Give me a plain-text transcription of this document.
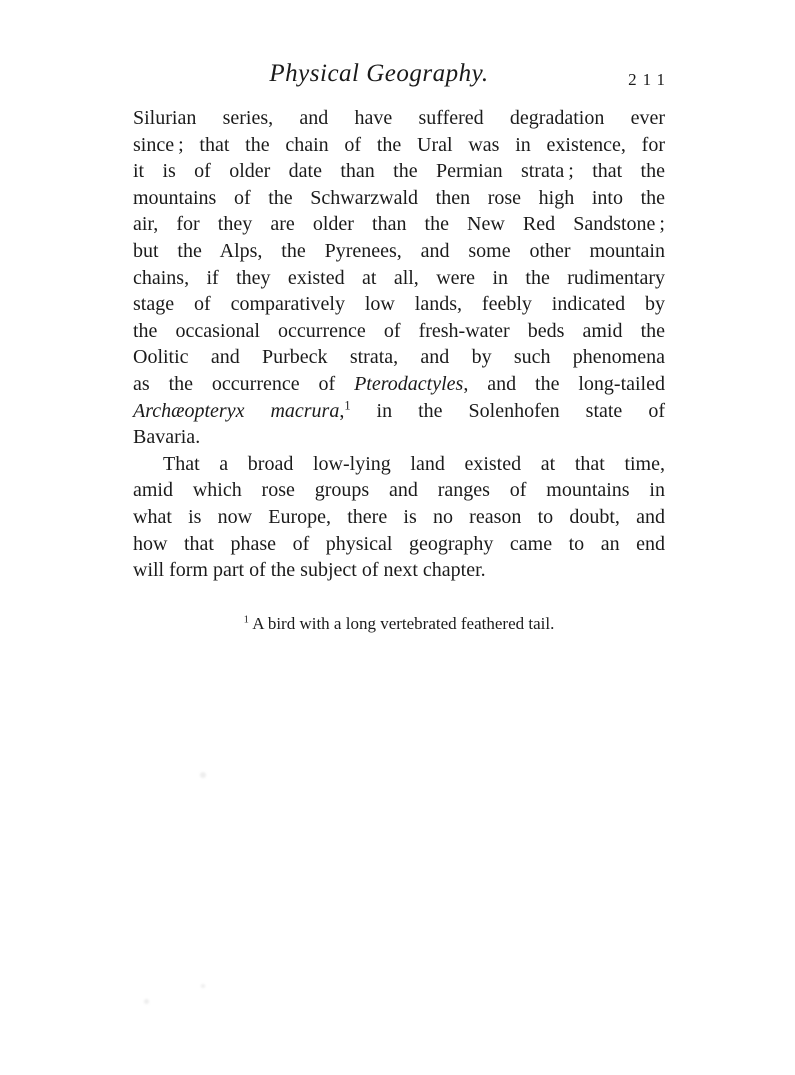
Physical Geography.	211
Silurian series, and have suffered degradation ever
since ; that the chain of the Ural was in existence, for
it is of older date than the Permian strata ; that the
mountains of the Schwarzwald then rose high into the
air, for they are older than the New Red Sandstone ;
but the Alps, the Pyrenees, and some other mountain
chains, if they existed at all, were in the rudimentary
stage of comparatively low lands, feebly indicated by
the occasional occurrence of fresh-water beds amid the
Oolitic and Purbeck strata, and by such phenomena
as the occurrence of Pterodactyles, and the long-tailed
Archæopteryx macrura,$^1$ in the Solenhofen state of
Bavaria.
That a broad low-lying land existed at that time,
amid which rose groups and ranges of mountains in
what is now Europe, there is no reason to doubt, and
how that phase of physical geography came to an end
will form part of the subject of next chapter.
$^1$ A bird with a long vertebrated feathered tail.
